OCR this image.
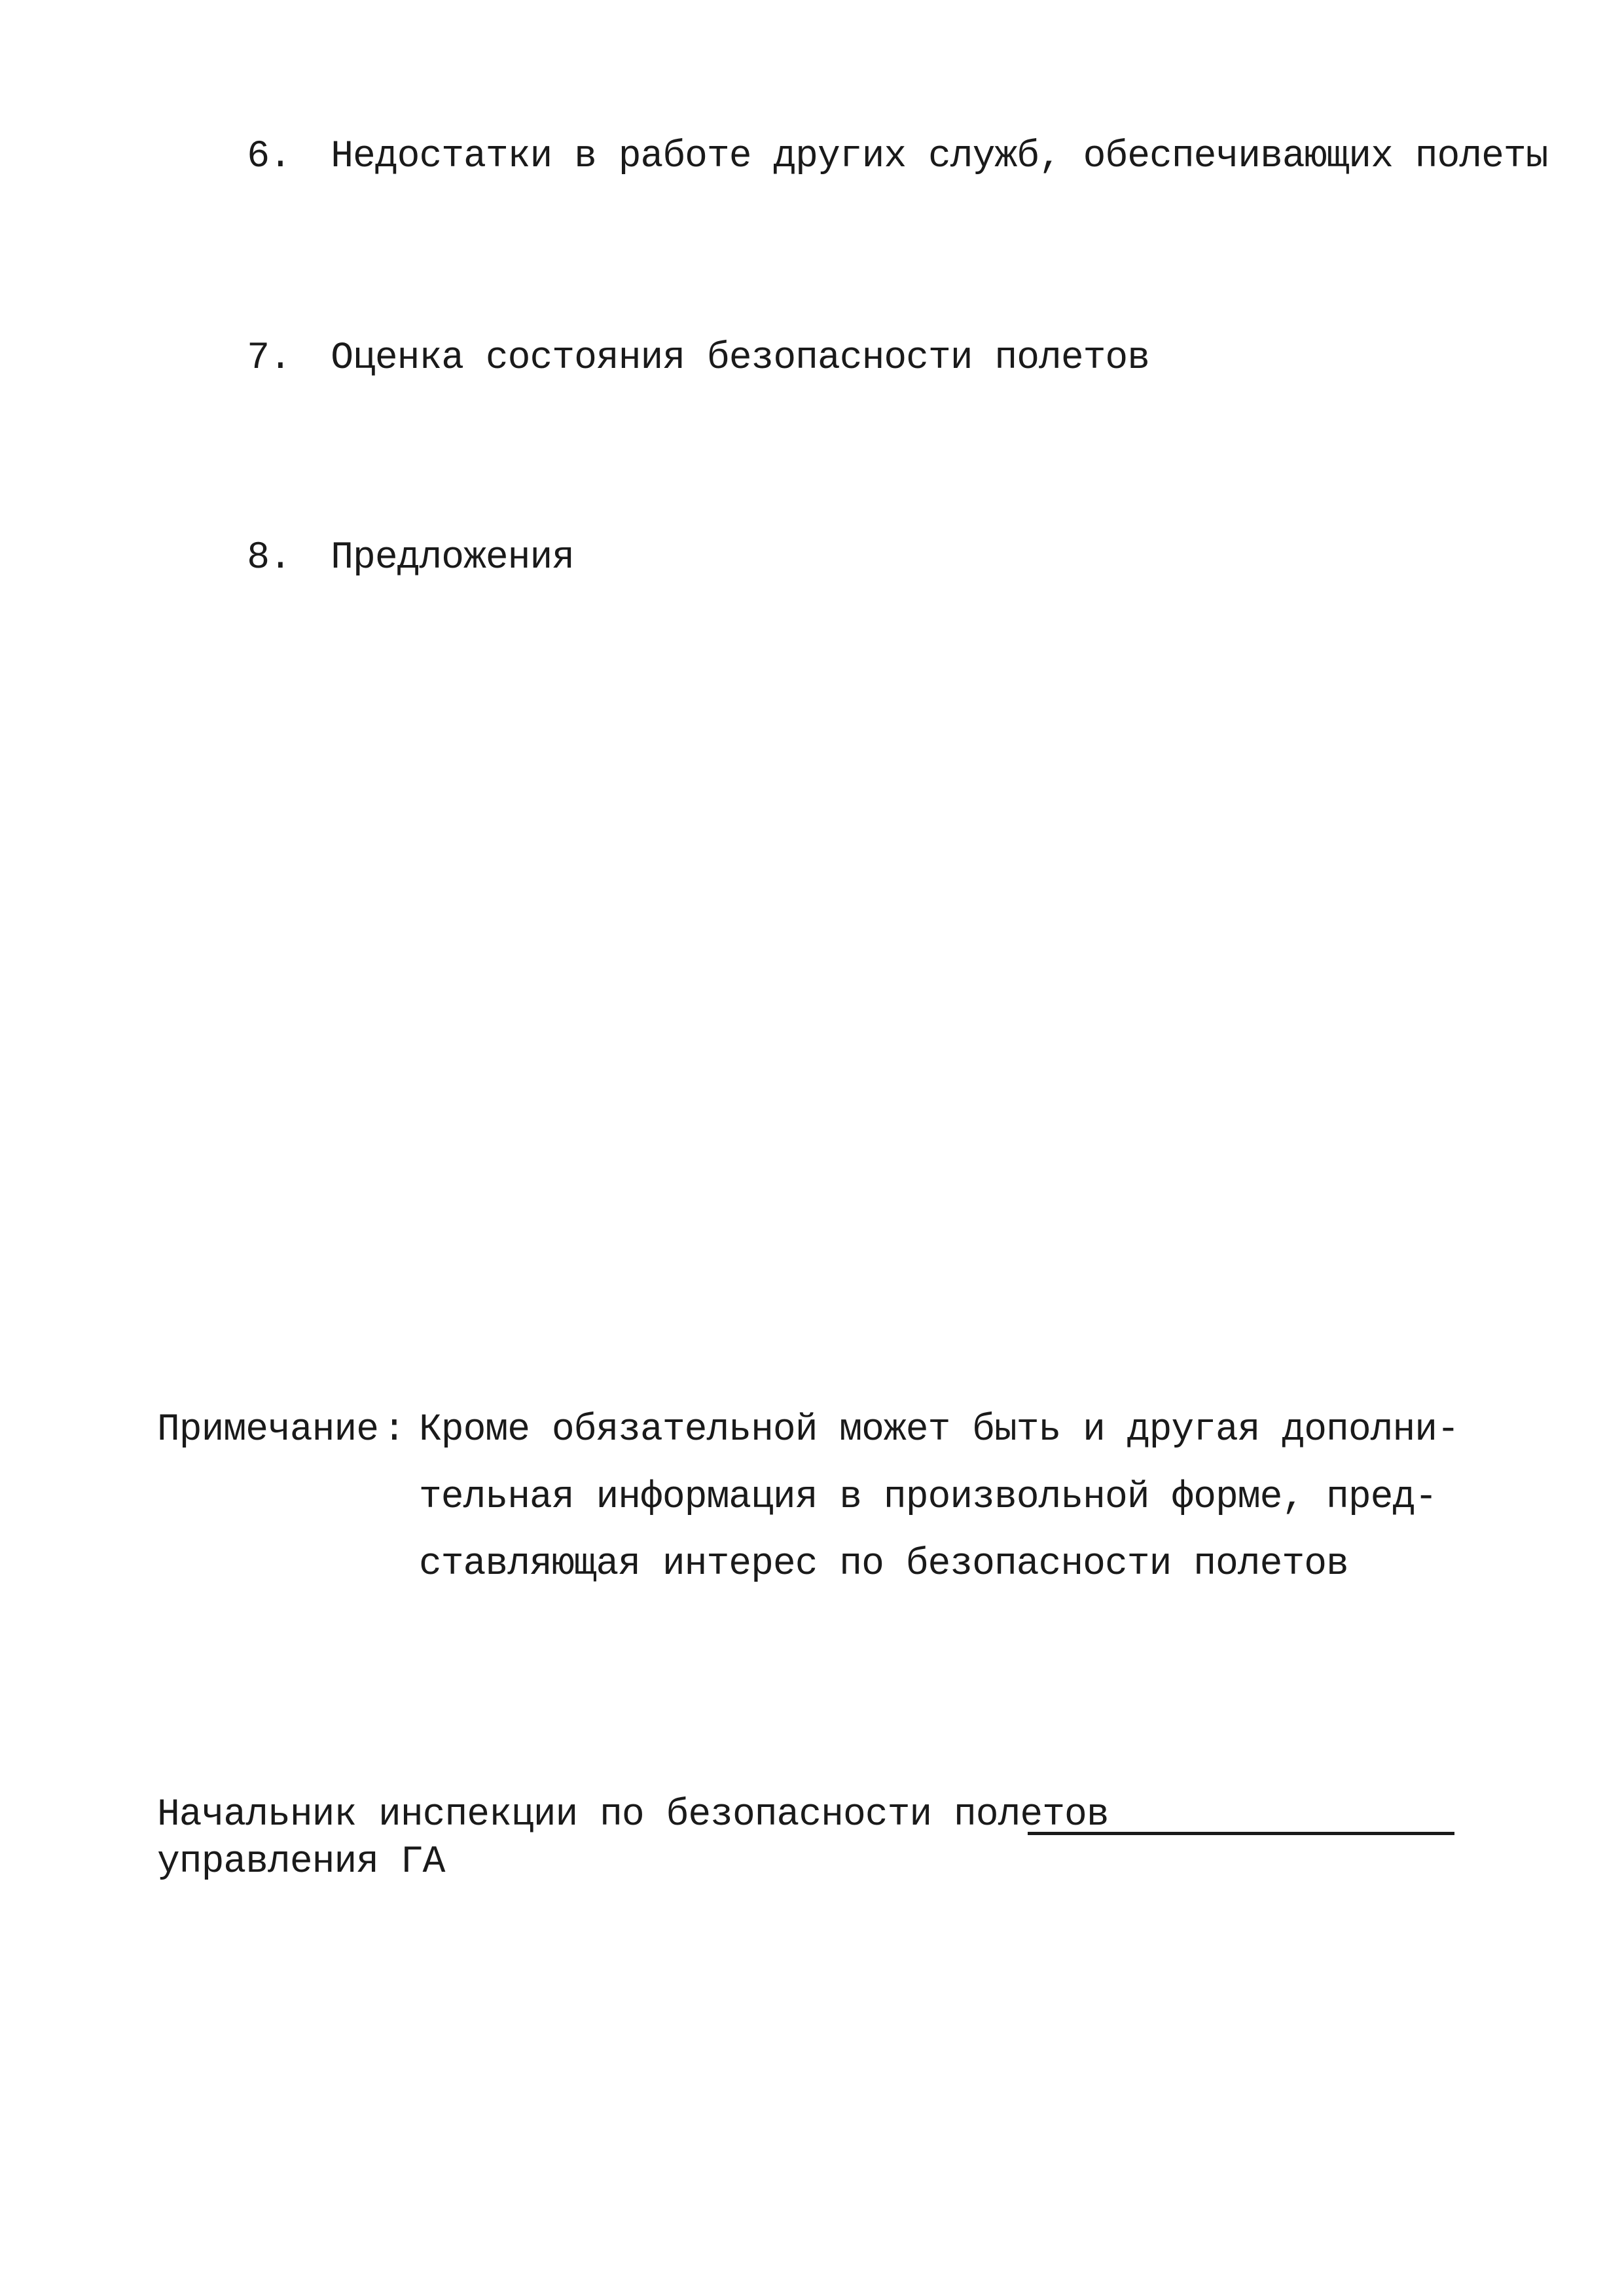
6. Недостатки в работе других служб, обеспечивающих полеты

7. Оценка состояния безопасности полетов

8. Предложения

Примечание : Кроме обязательной может быть и другая дополни-
тельная информация в произвольной форме, пред-
ставляющая интерес по безопасности полетов
Начальник инспекции по безопасности полетов
управления ГА
